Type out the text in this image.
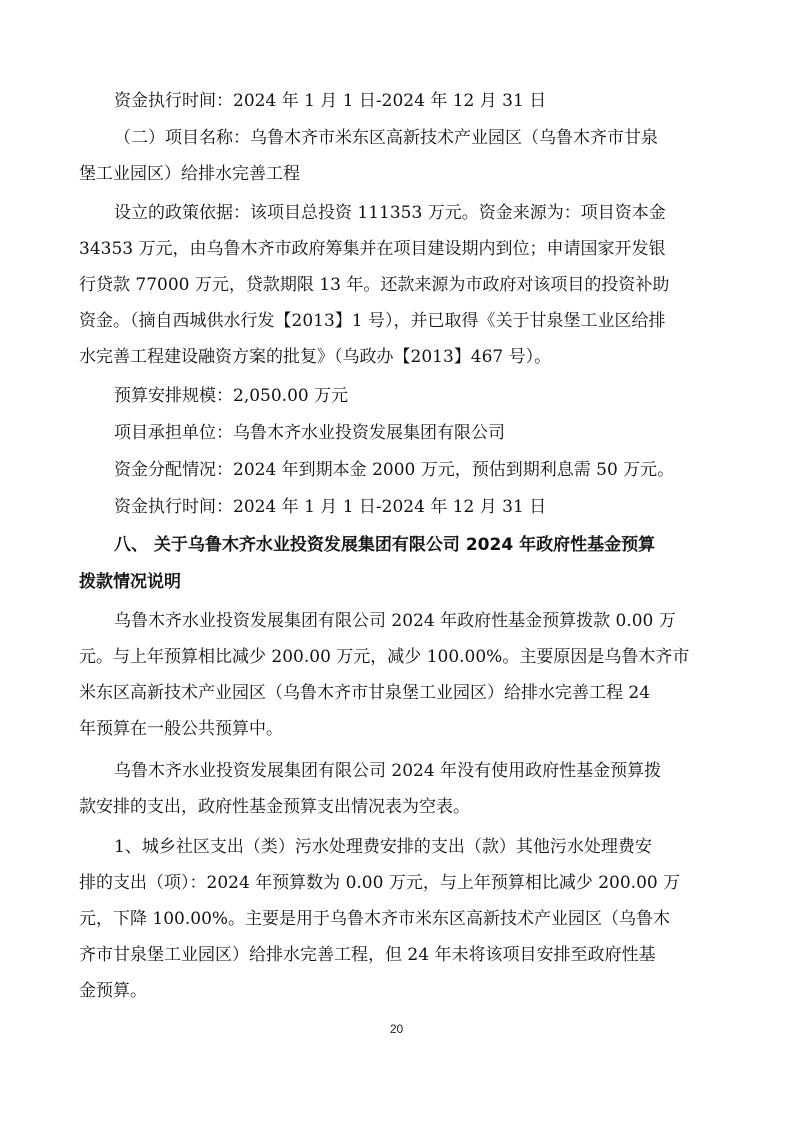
资金执行时间：2024 年 1 月 1 日-2024 年 12 月 31 日
（二）项目名称：乌鲁木齐市米东区高新技术产业园区（乌鲁木齐市甘泉
堡工业园区）给排水完善工程
设立的政策依据：该项目总投资 111353 万元。资金来源为：项目资本金
34353 万元，由乌鲁木齐市政府筹集并在项目建设期内到位；申请国家开发银
行贷款 77000 万元，贷款期限 13 年。还款来源为市政府对该项目的投资补助
资金。（摘自西城供水行发【2013】1 号），并已取得《关于甘泉堡工业区给排
水完善工程建设融资方案的批复》（乌政办【2013】467 号）。
预算安排规模：2,050.00 万元
项目承担单位：乌鲁木齐水业投资发展集团有限公司
资金分配情况：2024 年到期本金 2000 万元，预估到期利息需 50 万元。
资金执行时间：2024 年 1 月 1 日-2024 年 12 月 31 日
八、 关于乌鲁木齐水业投资发展集团有限公司 2024 年政府性基金预算
拨款情况说明
乌鲁木齐水业投资发展集团有限公司 2024 年政府性基金预算拨款 0.00 万
元。与上年预算相比减少 200.00 万元，减少 100.00%。主要原因是乌鲁木齐市
米东区高新技术产业园区（乌鲁木齐市甘泉堡工业园区）给排水完善工程 24
年预算在一般公共预算中。
乌鲁木齐水业投资发展集团有限公司 2024 年没有使用政府性基金预算拨
款安排的支出，政府性基金预算支出情况表为空表。
1、城乡社区支出（类）污水处理费安排的支出（款）其他污水处理费安
排的支出（项）：2024 年预算数为 0.00 万元，与上年预算相比减少 200.00 万
元，下降 100.00%。主要是用于乌鲁木齐市米东区高新技术产业园区（乌鲁木
齐市甘泉堡工业园区）给排水完善工程，但 24 年未将该项目安排至政府性基
金预算。
20
